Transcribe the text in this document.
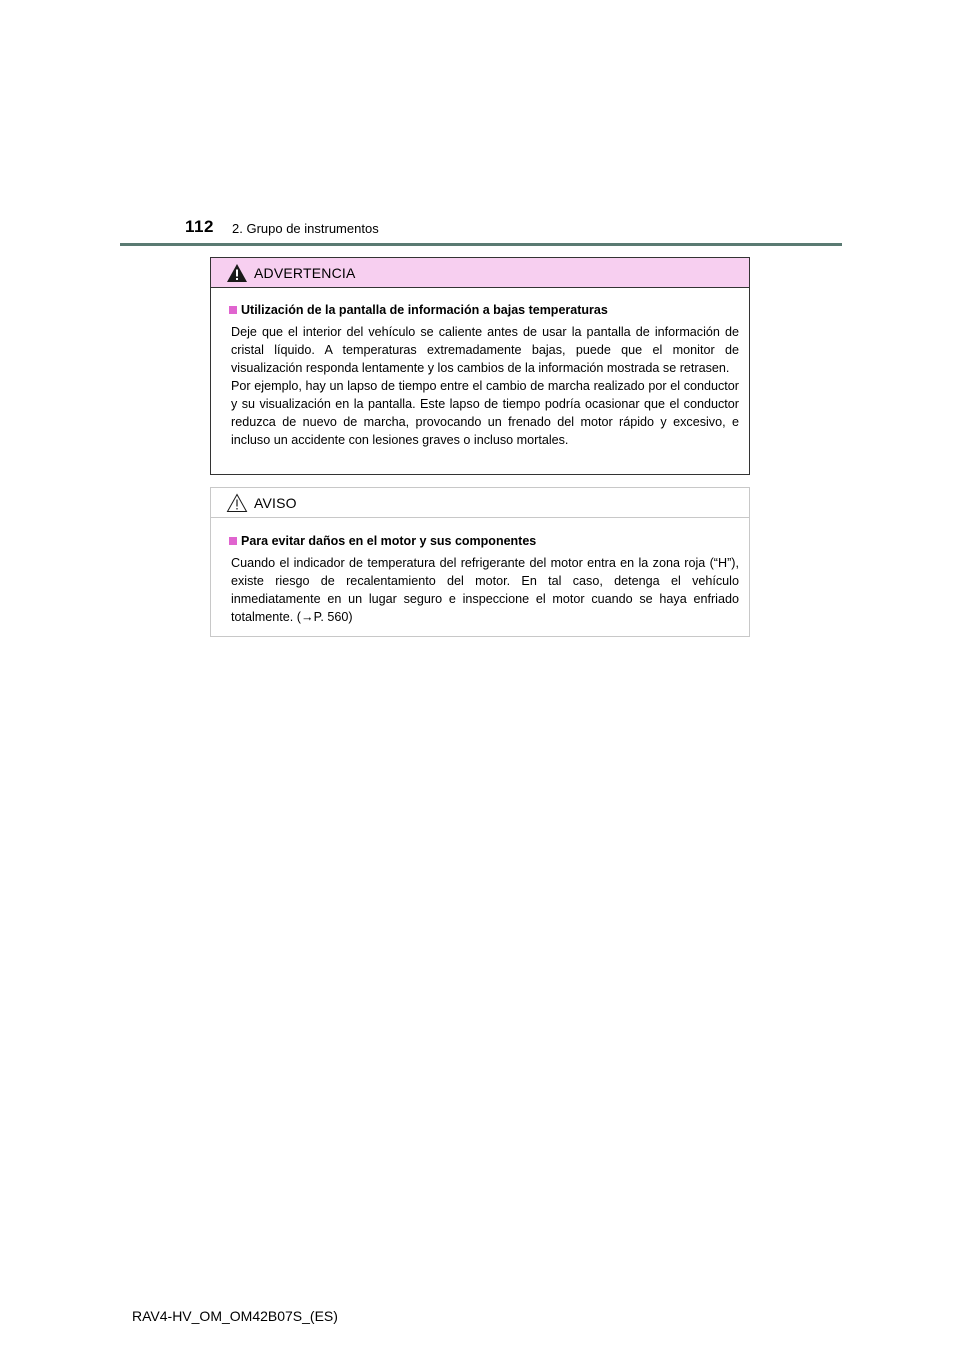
112 2. Grupo de instrumentos
ADVERTENCIA
Utilización de la pantalla de información a bajas temperaturas
Deje que el interior del vehículo se caliente antes de usar la pantalla de información de cristal líquido. A temperaturas extremadamente bajas, puede que el monitor de visualización responda lentamente y los cambios de la información mostrada se retrasen.
Por ejemplo, hay un lapso de tiempo entre el cambio de marcha realizado por el conductor y su visualización en la pantalla. Este lapso de tiempo podría ocasionar que el conductor reduzca de nuevo de marcha, provocando un frenado del motor rápido y excesivo, e incluso un accidente con lesiones graves o incluso mortales.
AVISO
Para evitar daños en el motor y sus componentes
Cuando el indicador de temperatura del refrigerante del motor entra en la zona roja (“H”), existe riesgo de recalentamiento del motor. En tal caso, detenga el vehículo inmediatamente en un lugar seguro e inspeccione el motor cuando se haya enfriado totalmente. (→P. 560)
RAV4-HV_OM_OM42B07S_(ES)
